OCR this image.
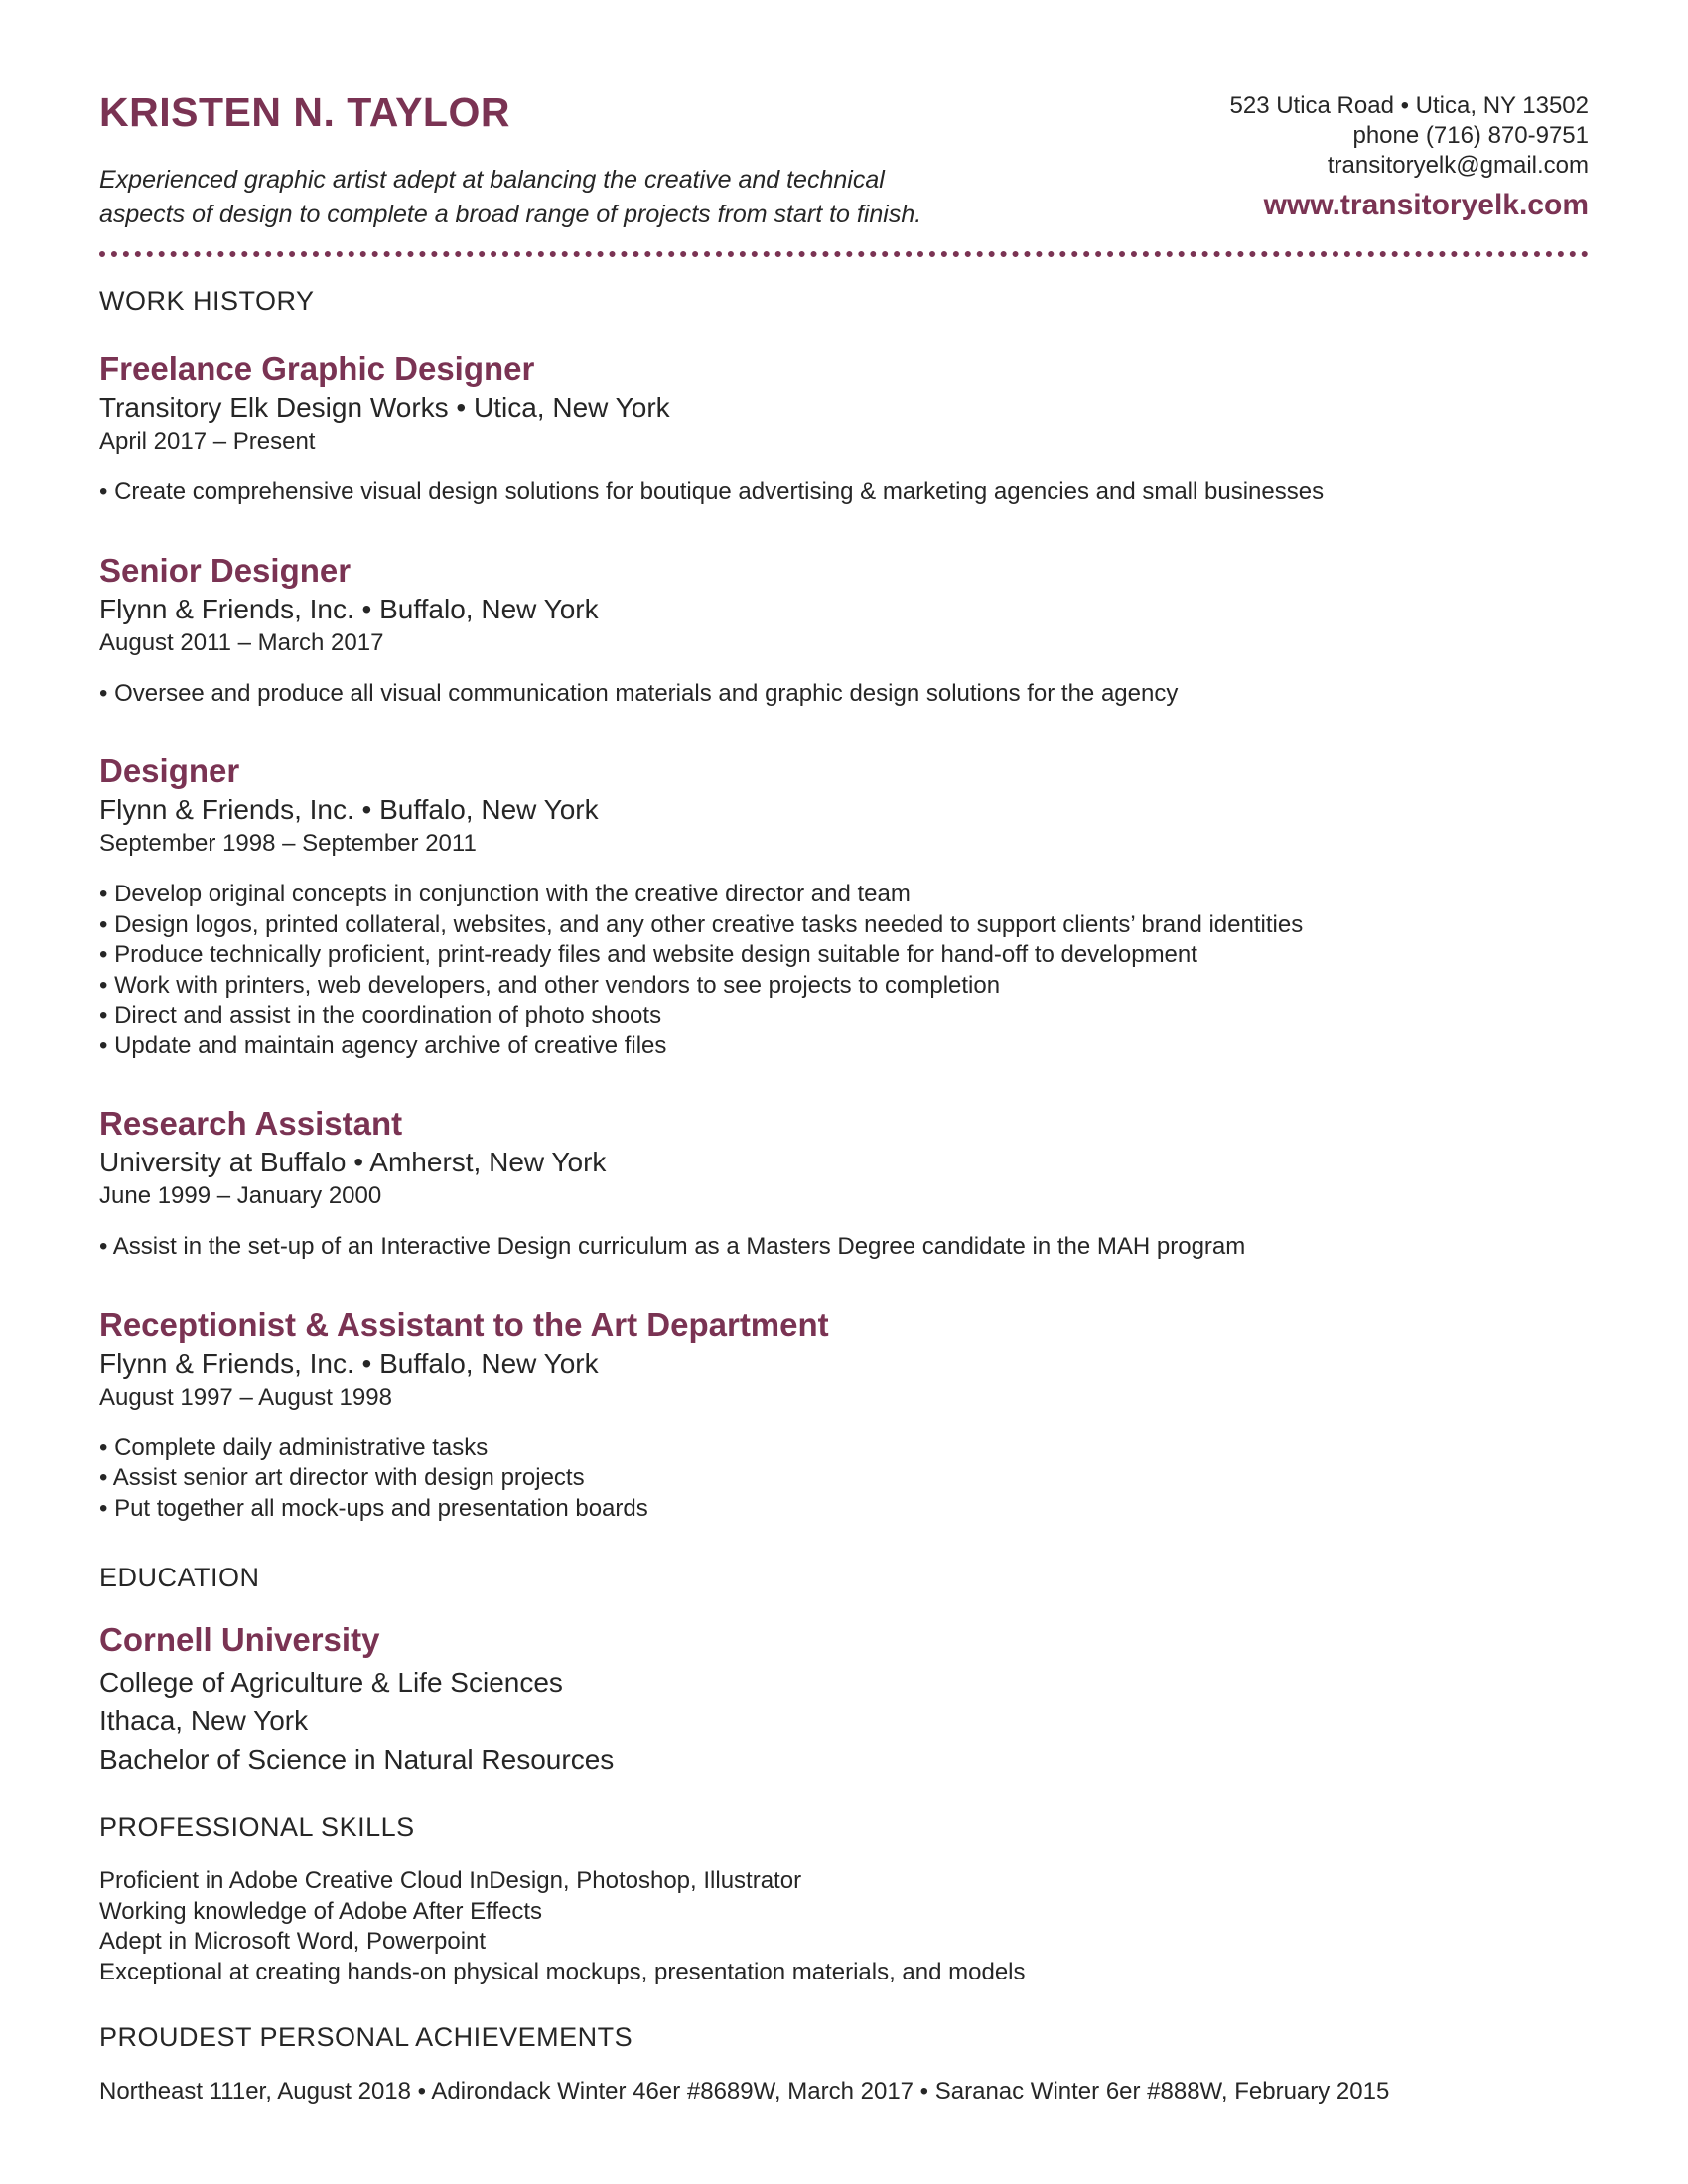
KRISTEN N. TAYLOR
Experienced graphic artist adept at balancing the creative and technical
aspects of design to complete a broad range of projects from start to finish.
523 Utica Road • Utica, NY 13502
phone (716) 870-9751
transitoryelk@gmail.com
www.transitoryelk.com
WORK HISTORY
Freelance Graphic Designer
Transitory Elk Design Works • Utica, New York
April 2017 – Present
• Create comprehensive visual design solutions for boutique advertising & marketing agencies and small businesses
Senior Designer
Flynn & Friends, Inc. • Buffalo, New York
August 2011 – March 2017
• Oversee and produce all visual communication materials and graphic design solutions for the agency
Designer
Flynn & Friends, Inc. • Buffalo, New York
September 1998 – September 2011
• Develop original concepts in conjunction with the creative director and team
• Design logos, printed collateral, websites, and any other creative tasks needed to support clients’ brand identities
• Produce technically proficient, print-ready files and website design suitable for hand-off to development
• Work with printers, web developers, and other vendors to see projects to completion
• Direct and assist in the coordination of photo shoots
• Update and maintain agency archive of creative files
Research Assistant
University at Buffalo • Amherst, New York
June 1999 – January 2000
• Assist in the set-up of an Interactive Design curriculum as a Masters Degree candidate in the MAH program
Receptionist & Assistant to the Art Department
Flynn & Friends, Inc. • Buffalo, New York
August 1997 – August 1998
• Complete daily administrative tasks
• Assist senior art director with design projects
• Put together all mock-ups and presentation boards
EDUCATION
Cornell University
College of Agriculture & Life Sciences
Ithaca, New York
Bachelor of Science in Natural Resources
PROFESSIONAL SKILLS
Proficient in Adobe Creative Cloud InDesign, Photoshop, Illustrator
Working knowledge of Adobe After Effects
Adept in Microsoft Word, Powerpoint
Exceptional at creating hands-on physical mockups, presentation materials, and models
PROUDEST PERSONAL ACHIEVEMENTS
Northeast 111er, August 2018 • Adirondack Winter 46er #8689W, March 2017 • Saranac Winter 6er #888W, February 2015
